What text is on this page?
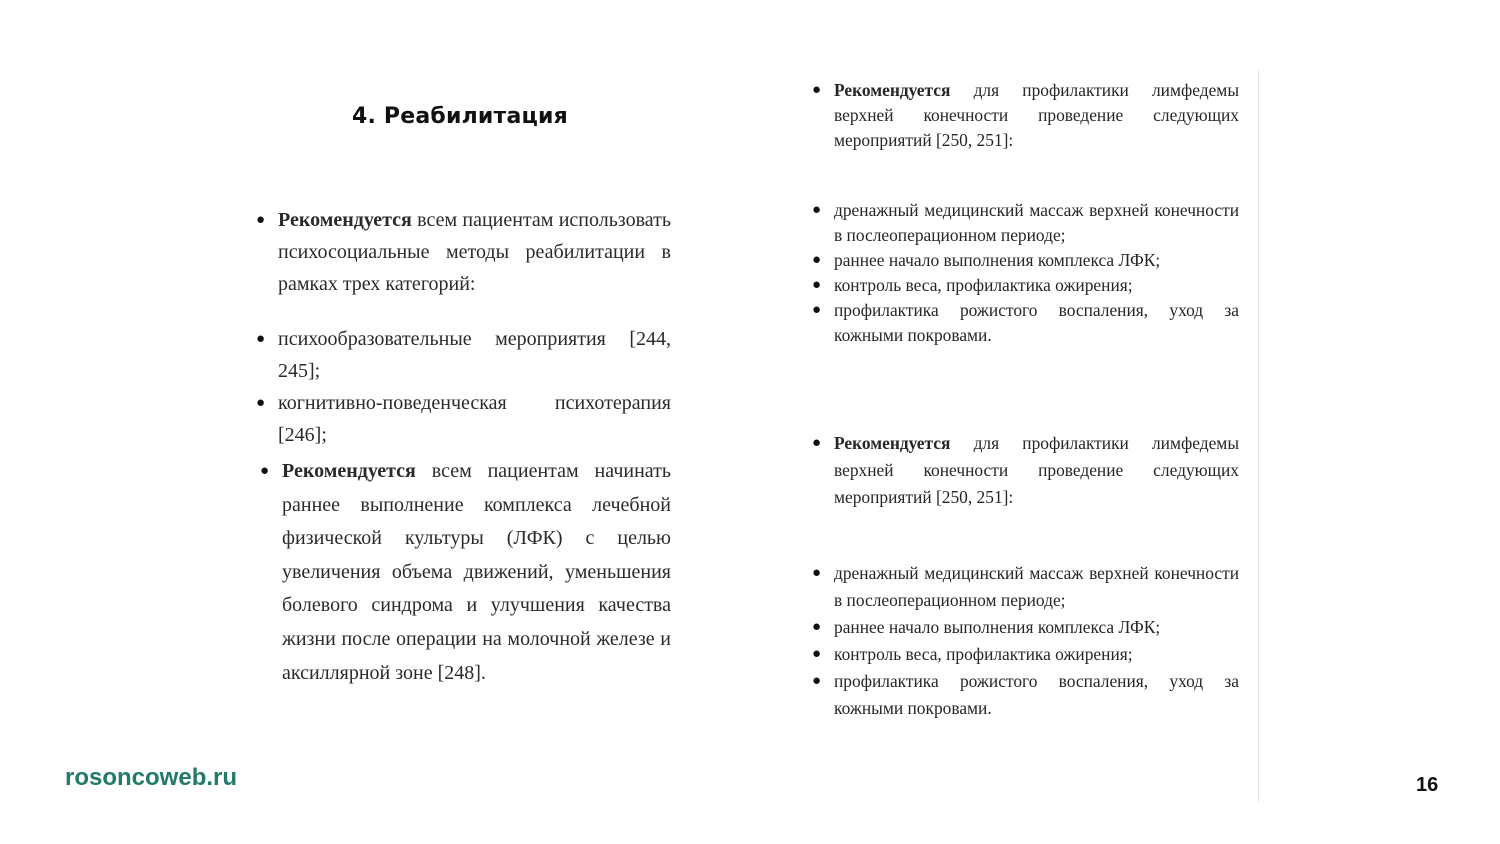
4. Реабилитация
● Рекомендуется всем пациентам использовать психосоциальные методы реабилитации в рамках трех категорий:
● психообразовательные мероприятия [244, 245];
● когнитивно-поведенческая психотерапия [246];
● Рекомендуется всем пациентам начинать раннее выполнение комплекса лечебной физической культуры (ЛФК) с целью увеличения объема движений, уменьшения болевого синдрома и улучшения качества жизни после операции на молочной железе и аксиллярной зоне [248].
● Рекомендуется для профилактики лимфедемы верхней конечности проведение следующих мероприятий [250, 251]:
● дренажный медицинский массаж верхней конечности в послеоперационном периоде;
● раннее начало выполнения комплекса ЛФК;
● контроль веса, профилактика ожирения;
● профилактика рожистого воспаления, уход за кожными покровами.
● Рекомендуется для профилактики лимфедемы верхней конечности проведение следующих мероприятий [250, 251]:
● дренажный медицинский массаж верхней конечности в послеоперационном периоде;
● раннее начало выполнения комплекса ЛФК;
● контроль веса, профилактика ожирения;
● профилактика рожистого воспаления, уход за кожными покровами.
rosoncoweb.ru	16
